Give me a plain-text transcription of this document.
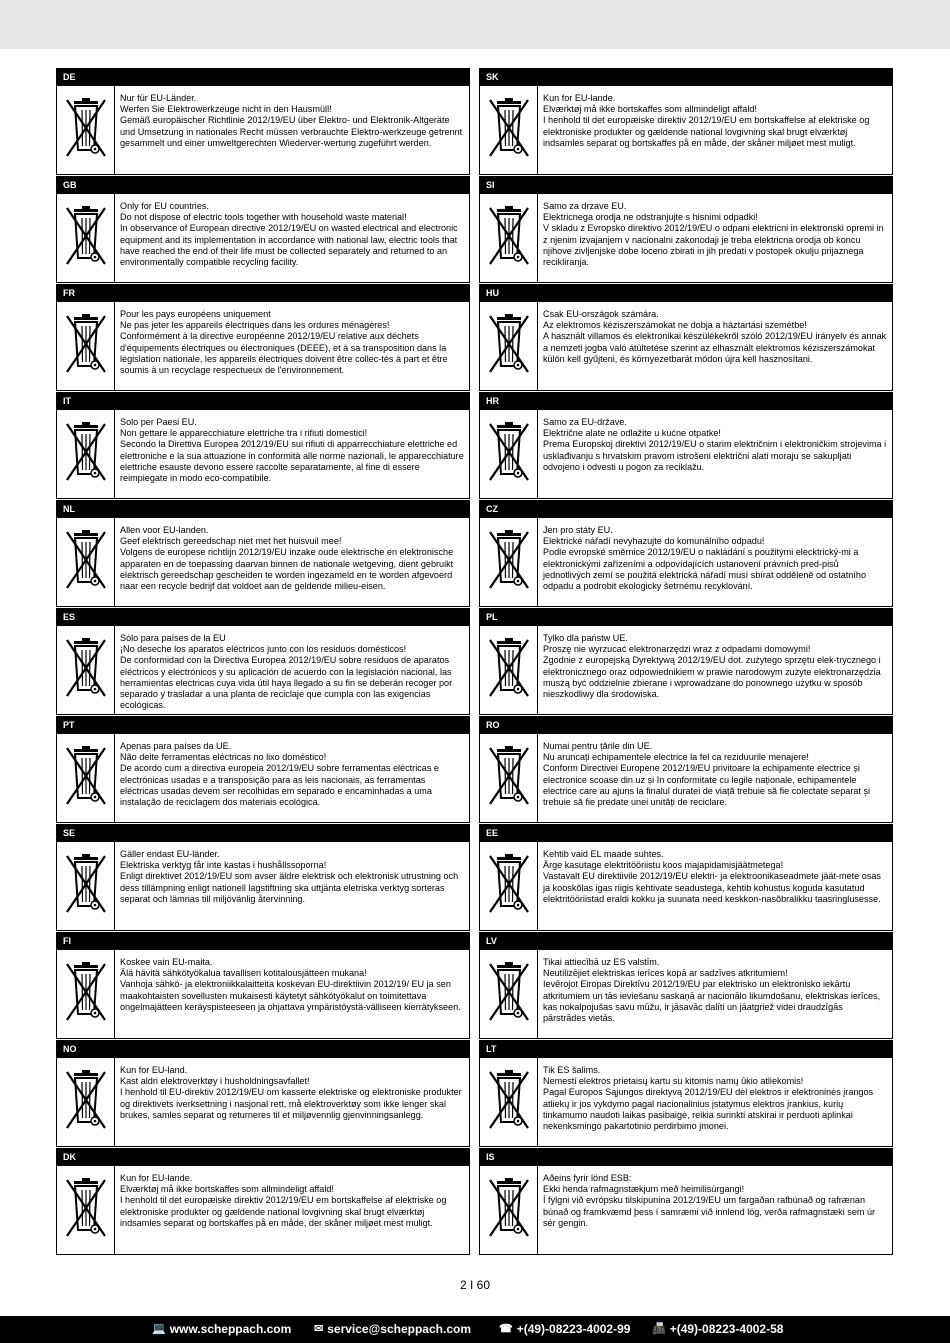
DE
Nur für EU-Länder.
Werfen Sie Elektrowerkzeuge nicht in den Hausmüll!
Gemäß europäischer Richtlinie 2012/19/EU über Elektro- und Elektronik-Altgeräte und Umsetzung in nationales Recht müssen verbrauchte Elektro-werkzeuge getrennt gesammelt und einer umweltgerechten Wiederver-wertung zugeführt werden.
GB
Only for EU countries.
Do not dispose of electric tools together with household waste material!
In observance of European directive 2012/19/EU on wasted electrical and electronic equipment and its implementation in accordance with national law, electric tools that have reached the end of their life must be collected separately and returned to an environmentally compatible recycling facility.
FR
Pour les pays européens uniquement
Ne pas jeter les appareils électriques dans les ordures ménagères!
Conformément à la directive européenne 2012/19/EU relative aux déchets d'équipements électriques ou électroniques (DEEE), et à sa transposition dans la législation nationale, les appareils électriques doivent être collec-tés à part et être soumis à un recyclage respectueux de l'environnement.
IT
Solo per Paesi EU.
Non gettare le apparecchiature elettriche tra i rifiuti domestici!
Secondo la Direttiva Europea 2012/19/EU sui rifiuti di apparrecchiature elettriche ed elettroniche e la sua attuazione in conformità alle norme nazionali, le apparecchiature elettriche esauste devono essere raccolte separatamente, al fine di essere reimpiegate in modo eco-compatibile.
NL
Allen voor EU-landen.
Geef elektrisch gereedschap niet met het huisvuil mee!
Volgens de europese richtlijn 2012/19/EU inzake oude elektrische en elektronische apparaten en de toepassing daarvan binnen de nationale wetgeving, dient gebruikt elektrisch gereedschap gescheiden te worden ingezameld en te worden afgevoerd naar een recycle bedrijf dat voldoet aan de geldende milieu-eisen.
ES
Sólo para países de la EU
¡No deseche los aparatos eléctricos junto con los residuos domésticos!
De conformidad con la Directiva Europea 2012/19/EU sobre residuos de aparatos eléctricos y electrónicos y su aplicación de acuerdo con la legislación nacional, las herramientas electricas cuya vida útil haya llegado a su fin se deberán recoger por separado y trasladar a una planta de reciclaje que cumpla con las exigencias ecológicas.
PT
Apenas para países da UE.
Não deite ferramentas eléctricas no lixo doméstico!
De acordo cum a directiva europeia 2012/19/EU sobre ferramentas eléctricas e electrónicas usadas e a transposição para as leis nacionais, as ferramentas eléctricas usadas devem ser recolhidas em separado e encaminhadas a uma instalação de reciclagem dos materiais ecológica.
SE
Gäller endast EU-länder.
Elektriska verktyg får inte kastas i hushållssoporna!
Enligt direktivet 2012/19/EU som avser äldre elektrisk och elektronisk utrustning och dess tillämpning enligt nationell lagstiftning ska uttjänta eletriska verktyg sorteras separat och lämnas till miljövänlig återvinning.
FI
Koskee vain EU-maita.
Älä hävitä sähkötyökalua tavallisen kotitalousjätteen mukana!
Vanhoja sähkö- ja elektroniikkalaitteita koskevan EU-direktiivin 2012/19/ EU ja sen maakohtaisten sovellusten mukaisesti käytetyt sähkötyökalut on toimitettava ongelmajätteen keräyspisteeseen ja ohjattava ympäristöystä-välliseen kierrätykseen.
NO
Kun for EU-land.
Kast aldri elektroverktøy i husholdningsavfallet!
I henhold til EU-direktiv 2012/19/EU om kasserte elektriske og elektroniske produkter og direktivets iverksettning i nasjonal rett, må elektroverktøy som ikke lenger skal brukes, samles separat og returneres til et miljøvennlig gjenvinningsanlegg.
DK
Kun for EU-lande.
Elværktøj må ikke bortskaffes som allmindeligt affald!
I henhold til det europæiske direktiv 2012/19/EU em bortskaffelse af elektriske og elektroniske produkter og gældende national lovgivning skal brugt elværktøj indsamles separat og bortskaffes på en måde, der skåner miljøet mest muligt.
SK
Kun for EU-lande.
Elværktøj må ikke bortskaffes som allmindeligt affald!
I henhold til det europæiske direktiv 2012/19/EU em bortskaffelse af elektriske og elektroniske produkter og gældende national lovgivning skal brugt elværktøj indsamles separat og bortskaffes på en måde, der skåner miljøet mest muligt.
SI
Samo za drzave EU.
Elektricnega orodja ne odstranjujte s hisnimi odpadki!
V skladu z Evropsko direktivo 2012/19/EU o odpani elektricni in elektronski opremi in z njenim izvajanjem v nacionalni zakonodaji je treba elektricna orodja ob koncu njihove zivljenjske dobe loceno zbirati in jih predati v postopek okulju prijaznega recikliranja.
HU
Csak EU-országok számára.
Az elektromos kéziszerszámokat ne dobja a háztartási szemétbe!
A használt villamos és elektronikai készülékekről szóló 2012/19/EU irányelv és annak a nemzeti jogba való átültetése szerint az elhasznált elektromos kéziszerszámokat külön kell gyűjteni, és környezetbarát módon újra kell hasznosítani.
HR
Samo za EU-države.
Električne alate ne odlažite u kućne otpatke!
Prema Europskoj direktivi 2012/19/EU o starim električnim i elektroničkim strojevima i usklađivanju s hrvatskim pravom istrošeni električni alati moraju se sakupljati odvojeno i odvesti u pogon za reciklažu.
CZ
Jen pro státy EU.
Elektrické nářadí nevyhazujte do komunálního odpadu!
Podle evropské směrnice 2012/19/EU o nakládání s použitými elecktrický-mi a elektronickými zařízeními a odpovídajících ustanovení právních pred-pisů jednotlivých zemí se použitá elektrická nářadí musí sbírat odděleně od ostatního odpadu a podrobit ekologicky šetrnému recyklování.
PL
Tylko dla państw UE.
Proszę nie wyrzucać elektronarzędzi wraz z odpadami domowymi!
Zgodnie z europejską Dyrektywą 2012/19/EU dot. zużytego sprzętu elek-trycznego i elektronicznego oraz odpowiednikiem w prawie narodowym zużyte elektronarzędzia muszą być oddzielnie zbierane i wprowadzane do ponownego użytku w sposób nieszkodliwy dla środowiska.
RO
Numai pentru țările din UE.
Nu aruncați echipamentele electrice la fel ca reziduurile menajere!
Conform Directivei Europene 2012/19/EU privitoare la echipamente electrice și electronice scoase din uz și în conformitate cu legile naționale, echipamentele electrice care au ajuns la finalul duratei de viață trebuie să fie colectate separat și trebuie să fie predate unei unități de reciclare.
EE
Kehtib vaid EL maade suhtes.
Ärge kasutage elektritööriistu koos majapidamisjäätmetega!
Vastavalt EU direktiivile 2012/19/EU elektri- ja elektroonikaseadmete jäät-mete osas ja kooskõlas igas riigis kehtivate seadustega, kehtib kohustus koguda kasutatud elektritööriistad eraldi kokku ja suunata need keskkon-nasõbralikku taasringlusesse.
LV
Tikai attiecībā uz ES valstīm.
Neutilizējiet elektriskas ierīces kopā ar sadzīves atkritumiem!
Ievērojot Eiropas Direktīvu 2012/19/EU par elektrisko un elektronisko iekārtu atkritumiem un tās ieviešanu saskaņā ar nacionālo likumdošanu, elektriskas ierīces, kas nokalpojušas savu mūžu, ir jāsavāc dalīti un jāatgriež videi draudzīgās pārstrādes vietās.
LT
Tik ES šalims.
Nemesti elektros prietaisų kartu su kitomis namų ūkio atliekomis!
Pagal Europos Sąjungos direktyvą 2012/19/EU dėl elektros ir elektroninės įrangos atliekų ir jos vykdymo pagal nacionalinius įstatymus elektros įrankius, kurių tinkamumo naudoti laikas pasibaigė, reikia surinkti atskirai ir perduoti aplinkai nekenksmingo pakartotinio perdirbimo įmonei.
IS
Aðeins fyrir lönd ESB:
Ekki henda rafmagnstækjum með heimilisúrgangi!
Í fylgni við evrópsku tilskipunina 2012/19/EU um fargaðan rafbúnað og rafrænan búnað og framkvæmd þess í samræmi við innlend lög, verða rafmagnstæki sem úr sér gengin.
2 I 60
💻 www.scheppach.com ✉ service@scheppach.com	☎ +(49)-08223-4002-99 📠 +(49)-08223-4002-58
